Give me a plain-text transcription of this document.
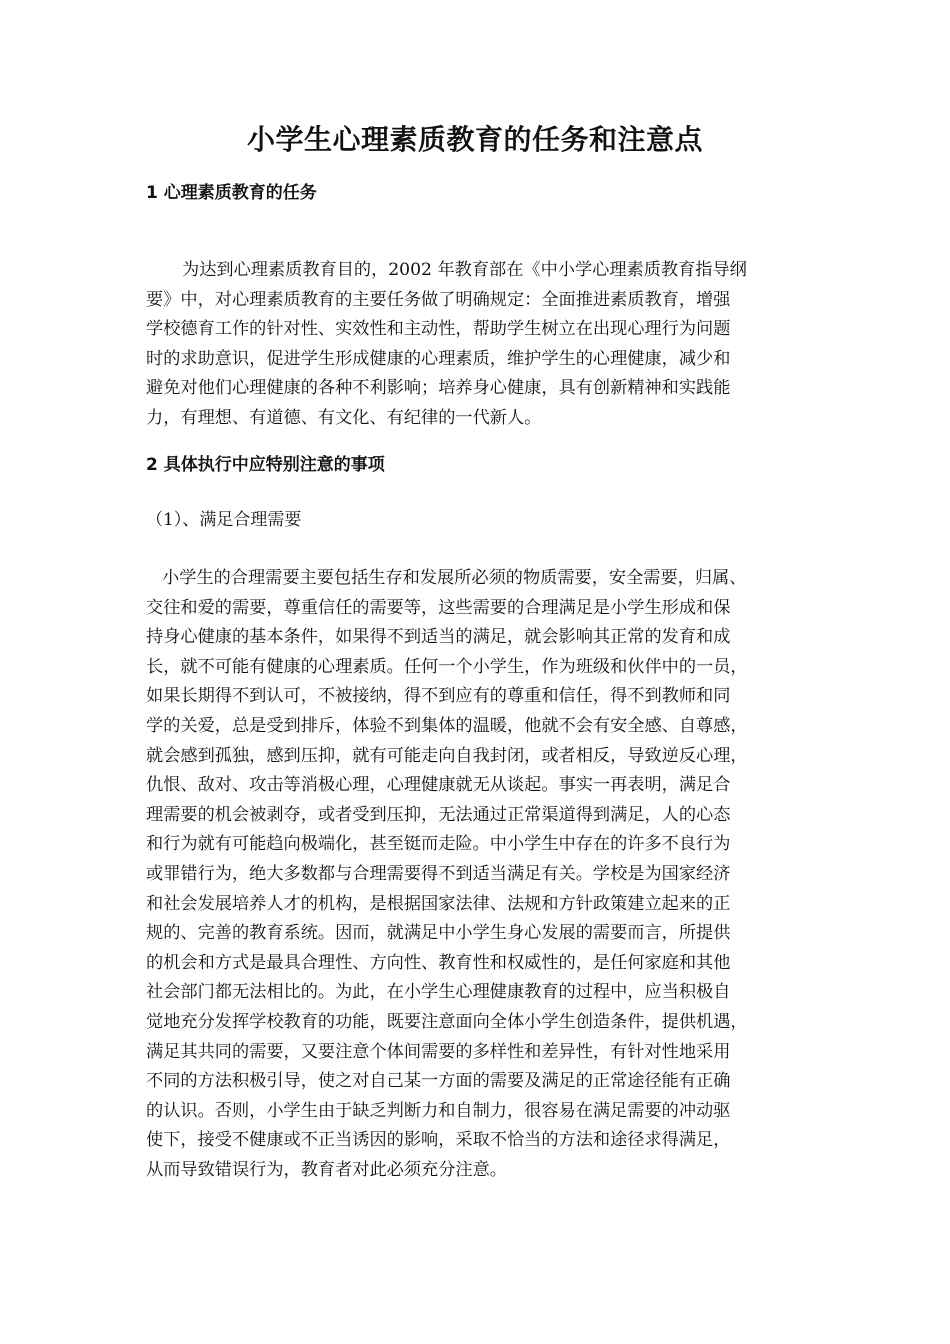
小学生心理素质教育的任务和注意点
1 心理素质教育的任务
为达到心理素质教育目的，2002 年教育部在《中小学心理素质教育指导纲
要》中，对心理素质教育的主要任务做了明确规定：全面推进素质教育，增强
学校德育工作的针对性、实效性和主动性，帮助学生树立在出现心理行为问题
时的求助意识，促进学生形成健康的心理素质，维护学生的心理健康，减少和
避免对他们心理健康的各种不利影响；培养身心健康，具有创新精神和实践能
力，有理想、有道德、有文化、有纪律的一代新人。
2 具体执行中应特别注意的事项
（1）、满足合理需要
小学生的合理需要主要包括生存和发展所必须的物质需要，安全需要，归属、
交往和爱的需要，尊重信任的需要等，这些需要的合理满足是小学生形成和保
持身心健康的基本条件，如果得不到适当的满足，就会影响其正常的发育和成
长，就不可能有健康的心理素质。任何一个小学生，作为班级和伙伴中的一员，
如果长期得不到认可，不被接纳，得不到应有的尊重和信任，得不到教师和同
学的关爱，总是受到排斥，体验不到集体的温暖，他就不会有安全感、自尊感，
就会感到孤独，感到压抑，就有可能走向自我封闭，或者相反，导致逆反心理，
仇恨、敌对、攻击等消极心理，心理健康就无从谈起。事实一再表明，满足合
理需要的机会被剥夺，或者受到压抑，无法通过正常渠道得到满足，人的心态
和行为就有可能趋向极端化，甚至铤而走险。中小学生中存在的许多不良行为
或罪错行为，绝大多数都与合理需要得不到适当满足有关。学校是为国家经济
和社会发展培养人才的机构，是根据国家法律、法规和方针政策建立起来的正
规的、完善的教育系统。因而，就满足中小学生身心发展的需要而言，所提供
的机会和方式是最具合理性、方向性、教育性和权威性的，是任何家庭和其他
社会部门都无法相比的。为此，在小学生心理健康教育的过程中，应当积极自
觉地充分发挥学校教育的功能，既要注意面向全体小学生创造条件，提供机遇，
满足其共同的需要，又要注意个体间需要的多样性和差异性，有针对性地采用
不同的方法积极引导，使之对自己某一方面的需要及满足的正常途径能有正确
的认识。否则，小学生由于缺乏判断力和自制力，很容易在满足需要的冲动驱
使下，接受不健康或不正当诱因的影响，采取不恰当的方法和途径求得满足，
从而导致错误行为，教育者对此必须充分注意。
